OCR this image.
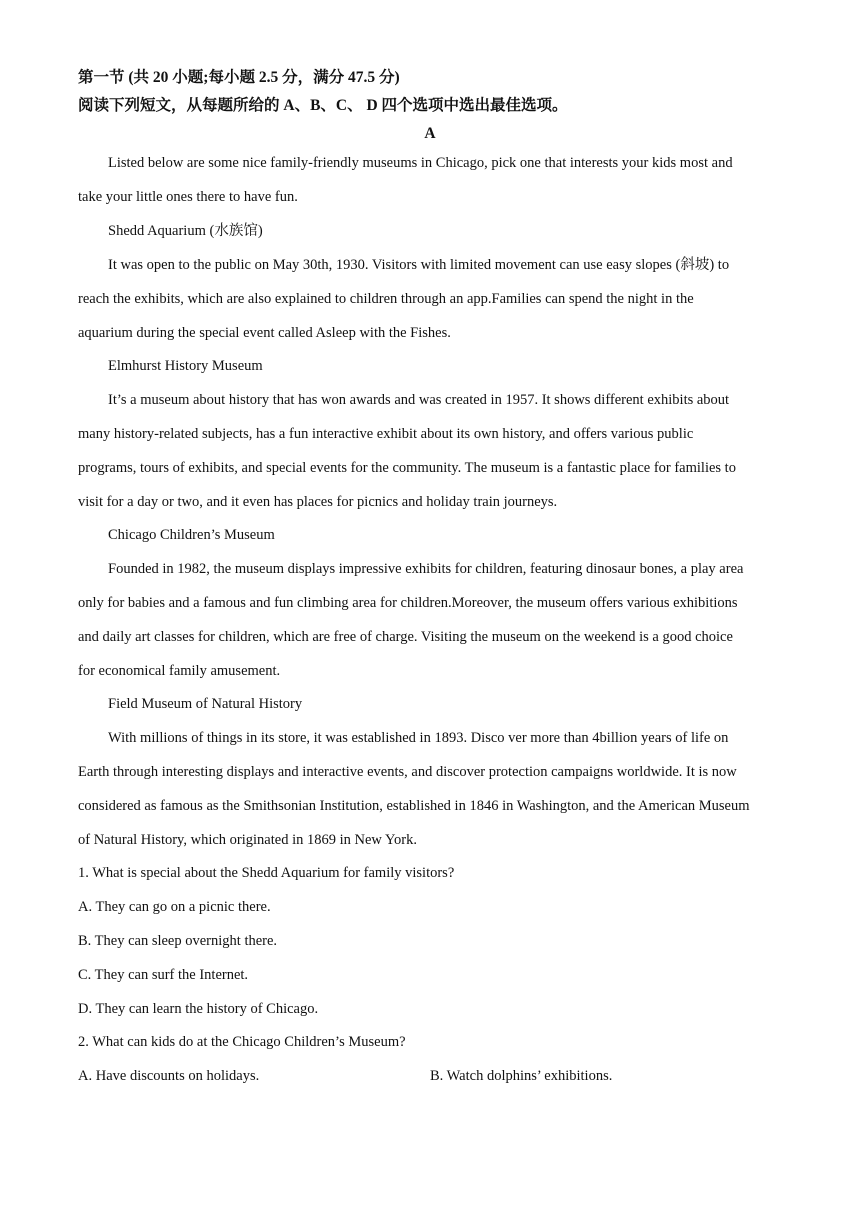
第一节 (共 20 小题;每小题 2.5 分，满分 47.5 分)
阅读下列短文，从每题所给的 A、B、C、 D 四个选项中选出最佳选项。
A
Listed below are some nice family-friendly museums in Chicago, pick one that interests your kids most and
take your little ones there to have fun.
Shedd Aquarium (水族馆)
It was open to the public on May 30th, 1930. Visitors with limited movement can use easy slopes (斜坡) to
reach the exhibits, which are also explained to children through an app.Families can spend the night in the
aquarium during the special event called Asleep with the Fishes.
Elmhurst History Museum
It’s a museum about history that has won awards and was created in 1957. It shows different exhibits about
many history-related subjects, has a fun interactive exhibit about its own history, and offers various public
programs, tours of exhibits, and special events for the community. The museum is a fantastic place for families to
visit for a day or two, and it even has places for picnics and holiday train journeys.
Chicago Children’s Museum
Founded in 1982, the museum displays impressive exhibits for children, featuring dinosaur bones, a play area
only for babies and a famous and fun climbing area for children.Moreover, the museum offers various exhibitions
and daily art classes for children, which are free of charge. Visiting the museum on the weekend is a good choice
for economical family amusement.
Field Museum of Natural History
With millions of things in its store, it was established in 1893. Disco ver more than 4billion years of life on
Earth through interesting displays and interactive events, and discover protection campaigns worldwide. It is now
considered as famous as the Smithsonian Institution, established in 1846 in Washington, and the American Museum
of Natural History, which originated in 1869 in New York.
1. What is special about the Shedd Aquarium for family visitors?
A. They can go on a picnic there.
B. They can sleep overnight there.
C. They can surf the Internet.
D. They can learn the history of Chicago.
2. What can kids do at the Chicago Children’s Museum?
A. Have discounts on holidays.	B. Watch dolphins’ exhibitions.
